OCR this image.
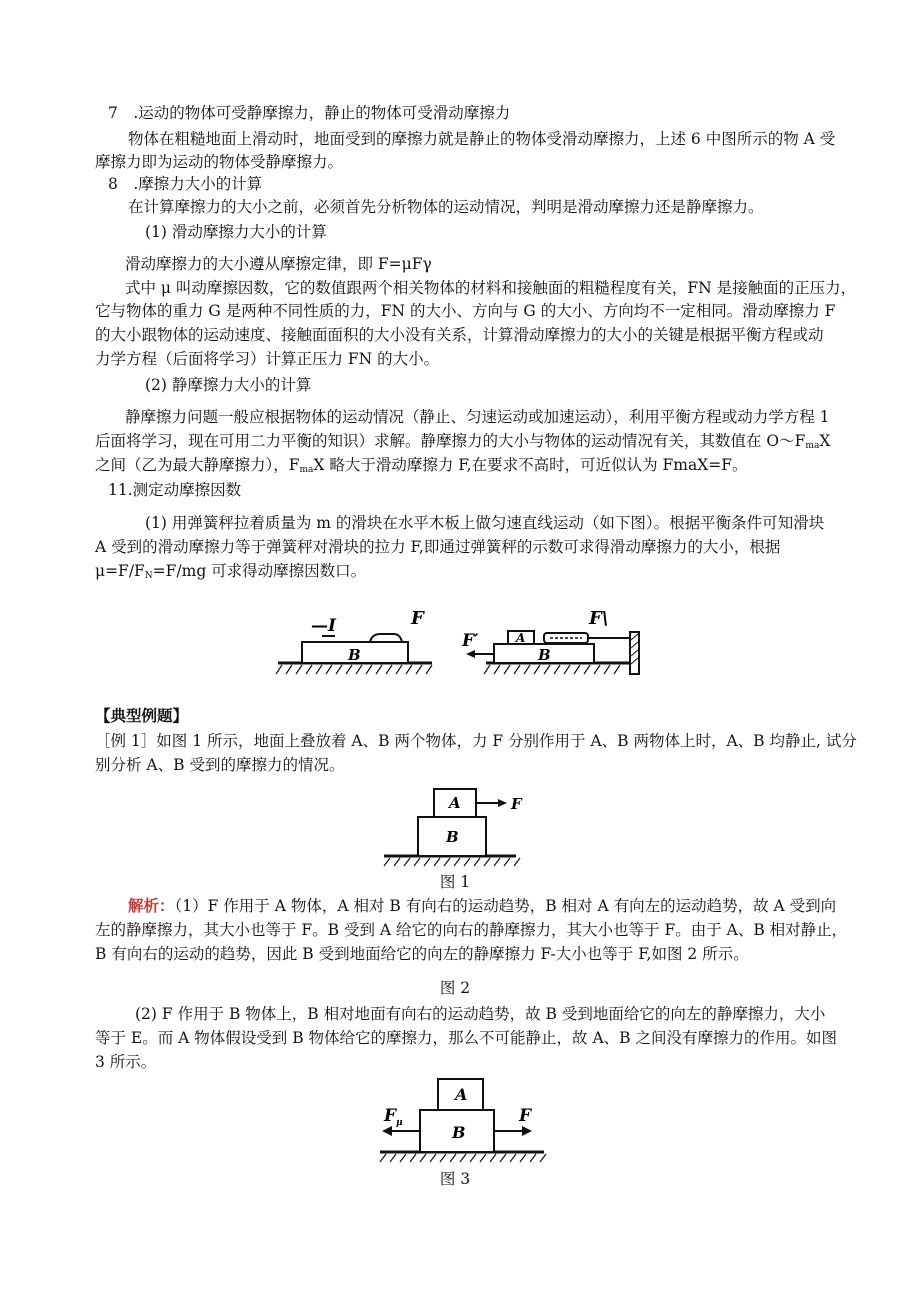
7　.运动的物体可受静摩擦力，静止的物体可受滑动摩擦力
物体在粗糙地面上滑动时，地面受到的摩擦力就是静止的物体受滑动摩擦力，上述 6 中图所示的物 A 受
摩擦力即为运动的物体受静摩擦力。
8　.摩擦力大小的计算
在计算摩擦力的大小之前，必须首先分析物体的运动情况，判明是滑动摩擦力还是静摩擦力。
(1) 滑动摩擦力大小的计算
滑动摩擦力的大小遵从摩擦定律，即 F=μFγ
式中 μ 叫动摩擦因数，它的数值跟两个相关物体的材料和接触面的粗糙程度有关，FN 是接触面的正压力，
它与物体的重力 G 是两种不同性质的力，FN 的大小、方向与 G 的大小、方向均不一定相同。滑动摩擦力 F
的大小跟物体的运动速度、接触面面积的大小没有关系，计算滑动摩擦力的大小的关键是根据平衡方程或动
力学方程（后面将学习）计算正压力 FN 的大小。
(2) 静摩擦力大小的计算
静摩擦力问题一般应根据物体的运动情况（静止、匀速运动或加速运动），利用平衡方程或动力学方程 1
后面将学习，现在可用二力平衡的知识）求解。静摩擦力的大小与物体的运动情况有关，其数值在 O〜$F_{ma}X$
之间（乙为最大静摩擦力），$F_{ma}X$ 略大于滑动摩擦力 F,在要求不高时，可近似认为 FmaX=F。
11.测定动摩擦因数
(1) 用弹簧秤拉着质量为 m 的滑块在水平木板上做匀速直线运动（如下图）。根据平衡条件可知滑块
A 受到的滑动摩擦力等于弹簧秤对滑块的拉力 F,即通过弹簧秤的示数可求得滑动摩擦力的大小，根据
$\mu=F/F_N=F/mg$ 可求得动摩擦因数口。
—I
B
F
A
B
F′
F\
【典型例题】
［例 1］如图 1 所示，地面上叠放着 A、B 两个物体，力 F 分别作用于 A、B 两物体上时，A、B 均静止, 试分
别分析 A、B 受到的摩擦力的情况。
A
B
F
图 1
解析：（1）F 作用于 A 物体，A 相对 B 有向右的运动趋势，B 相对 A 有向左的运动趋势，故 A 受到向
左的静摩擦力，其大小也等于 F。B 受到 A 给它的向右的静摩擦力，其大小也等于 F。由于 A、B 相对静止，
B 有向右的运动的趋势，因此 B 受到地面给它的向左的静摩擦力 F-大小也等于 F,如图 2 所示。
图 2
(2) F 作用于 B 物体上，B 相对地面有向右的运动趋势，故 B 受到地面给它的向左的静摩擦力，大小
等于 E。而 A 物体假设受到 B 物体给它的摩擦力，那么不可能静止，故 A、B 之间没有摩擦力的作用。如图
3 所示。
A
B
F
F μ
图 3
